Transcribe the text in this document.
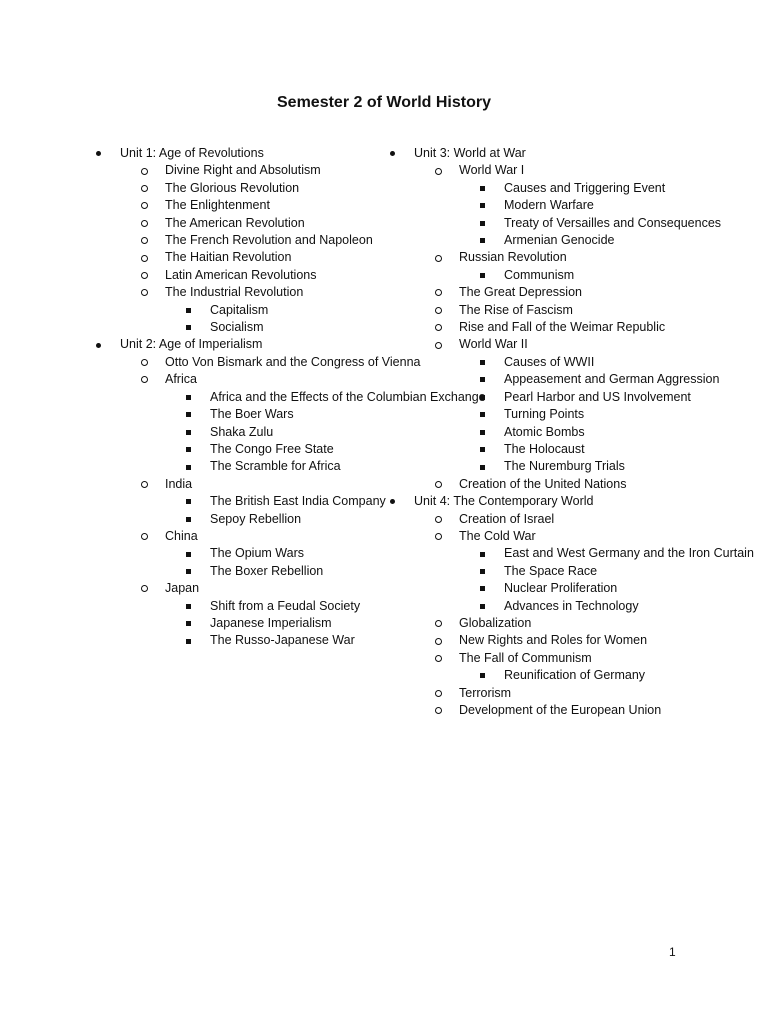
Semester 2 of World History
Unit 1: Age of Revolutions
Divine Right and Absolutism
The Glorious Revolution
The Enlightenment
The American Revolution
The French Revolution and Napoleon
The Haitian Revolution
Latin American Revolutions
The Industrial Revolution
Capitalism
Socialism
Unit 2: Age of Imperialism
Otto Von Bismark and the Congress of Vienna
Africa
Africa and the Effects of the Columbian Exchange
The Boer Wars
Shaka Zulu
The Congo Free State
The Scramble for Africa
India
The British East India Company
Sepoy Rebellion
China
The Opium Wars
The Boxer Rebellion
Japan
Shift from a Feudal Society
Japanese Imperialism
The Russo-Japanese War
Unit 3: World at War
World War I
Causes and Triggering Event
Modern Warfare
Treaty of Versailles and Consequences
Armenian Genocide
Russian Revolution
Communism
The Great Depression
The Rise of Fascism
Rise and Fall of the Weimar Republic
World War II
Causes of WWII
Appeasement and German Aggression
Pearl Harbor and US Involvement
Turning Points
Atomic Bombs
The Holocaust
The Nuremburg Trials
Creation of the United Nations
Unit 4: The Contemporary World
Creation of Israel
The Cold War
East and West Germany and the Iron Curtain
The Space Race
Nuclear Proliferation
Advances in Technology
Globalization
New Rights and Roles for Women
The Fall of Communism
Reunification of Germany
Terrorism
Development of the European Union
1
